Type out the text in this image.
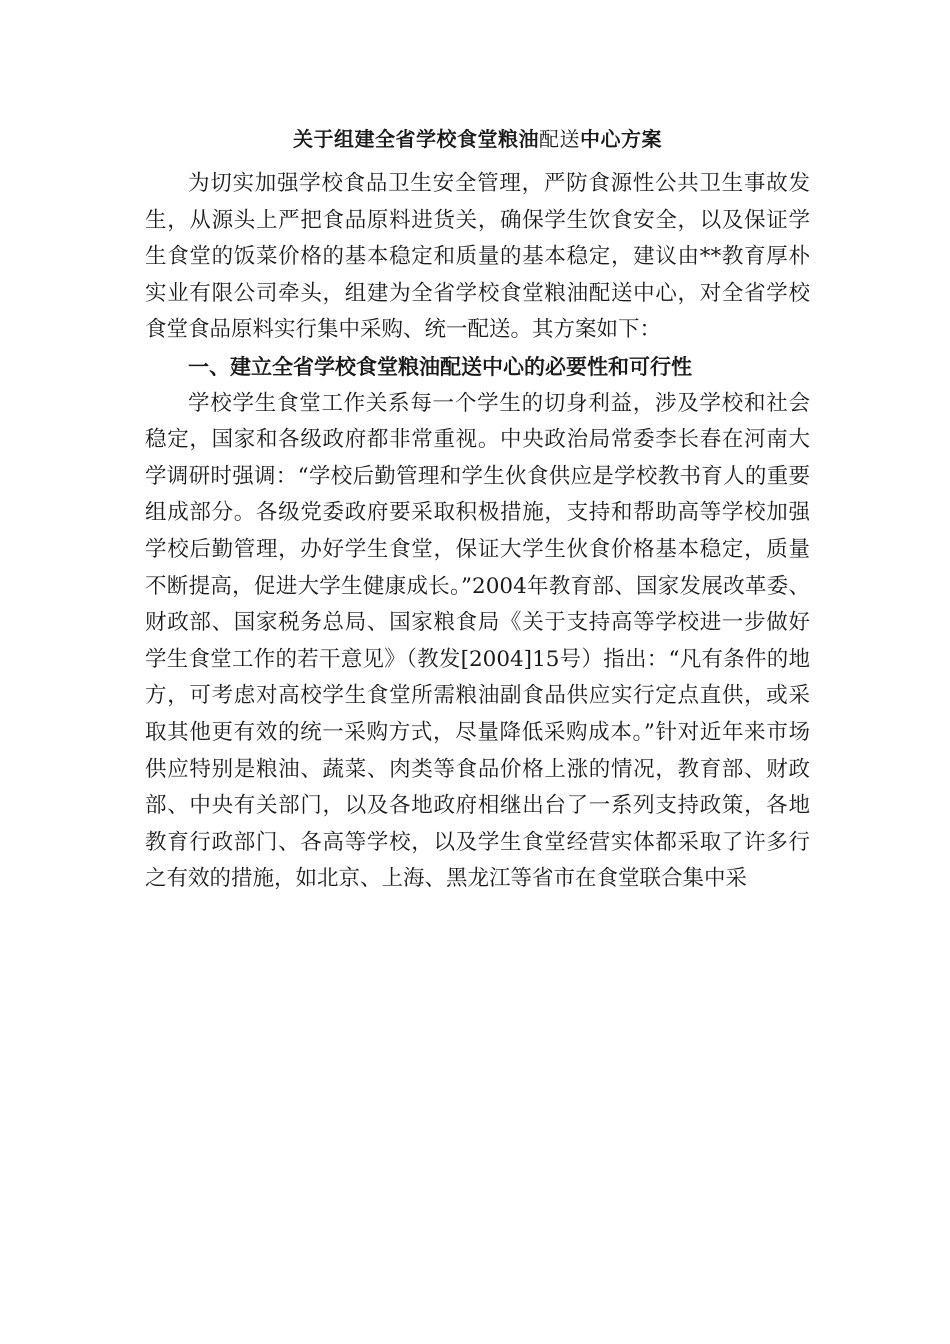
关于组建全省学校食堂粮油配送中心方案

为切实加强学校食品卫生安全管理，严防食源性公共卫生事故发生，从源头上严把食品原料进货关，确保学生饮食安全，以及保证学生食堂的饭菜价格的基本稳定和质量的基本稳定，建议由**教育厚朴实业有限公司牵头，组建为全省学校食堂粮油配送中心，对全省学校食堂食品原料实行集中采购、统一配送。其方案如下：

一、建立全省学校食堂粮油配送中心的必要性和可行性

学校学生食堂工作关系每一个学生的切身利益，涉及学校和社会稳定，国家和各级政府都非常重视。中央政治局常委李长春在河南大学调研时强调：“学校后勤管理和学生伙食供应是学校教书育人的重要组成部分。各级党委政府要采取积极措施，支持和帮助高等学校加强学校后勤管理，办好学生食堂，保证大学生伙食价格基本稳定，质量不断提高，促进大学生健康成长。”2004年教育部、国家发展改革委、财政部、国家税务总局、国家粮食局《关于支持高等学校进一步做好学生食堂工作的若干意见》（教发[2004]15号）指出：“凡有条件的地方，可考虑对高校学生食堂所需粮油副食品供应实行定点直供，或采取其他更有效的统一采购方式，尽量降低采购成本。”针对近年来市场供应特别是粮油、蔬菜、肉类等食品价格上涨的情况，教育部、财政部、中央有关部门，以及各地政府相继出台了一系列支持政策，各地教育行政部门、各高等学校，以及学生食堂经营实体都采取了许多行之有效的措施，如北京、上海、黑龙江等省市在食堂联合集中采
